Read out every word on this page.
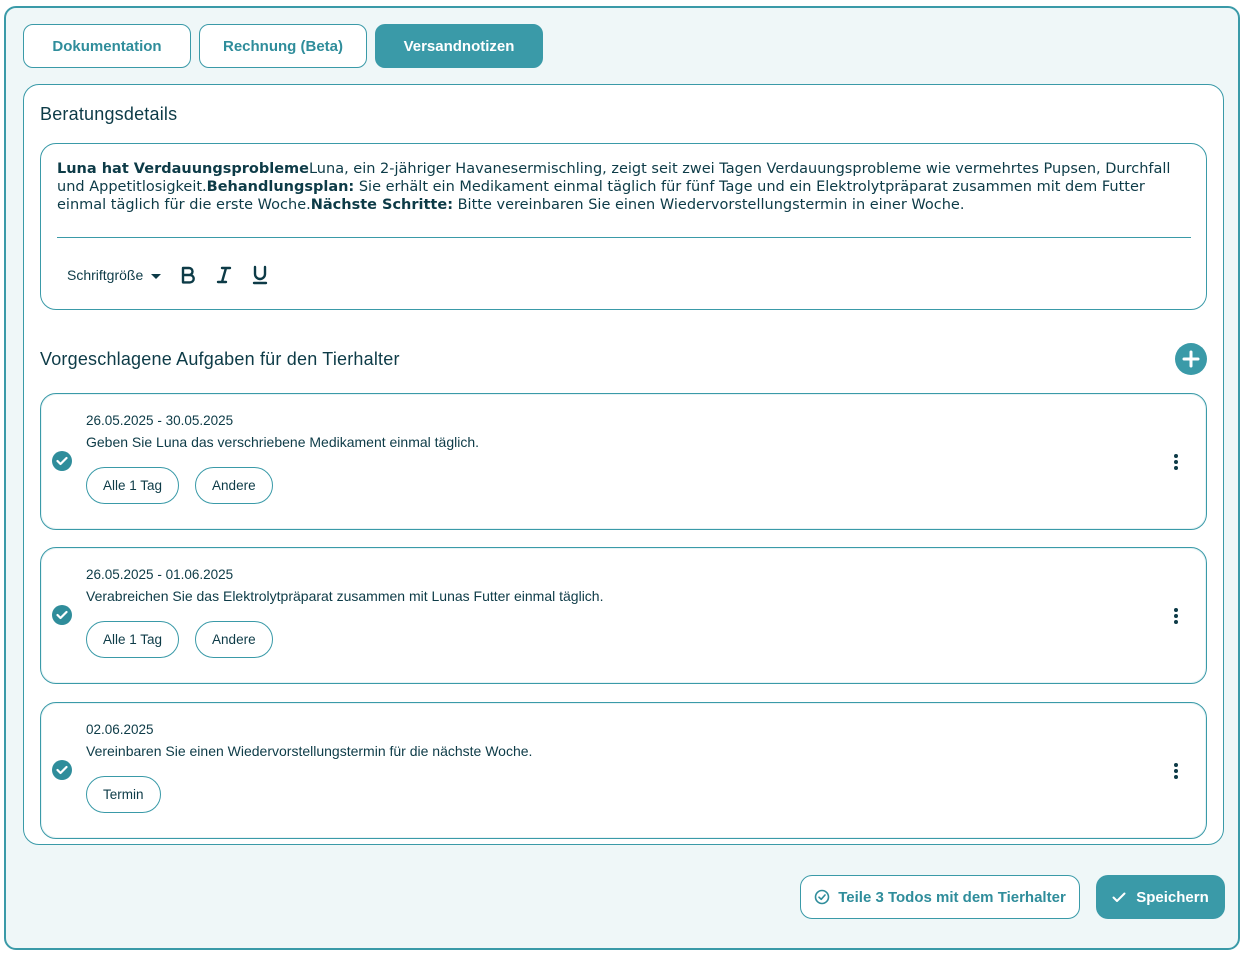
Dokumentation	Rechnung (Beta)	Versandnotizen
Beratungsdetails
Luna hat VerdauungsproblemeLuna, ein 2-jähriger Havanesermischling, zeigt seit zwei Tagen Verdauungsprobleme wie vermehrtes Pupsen, Durchfall und Appetitlosigkeit.Behandlungsplan: Sie erhält ein Medikament einmal täglich für fünf Tage und ein Elektrolytpräparat zusammen mit dem Futter einmal täglich für die erste Woche.Nächste Schritte: Bitte vereinbaren Sie einen Wiedervorstellungstermin in einer Woche.
Schriftgröße
Vorgeschlagene Aufgaben für den Tierhalter
26.05.2025 - 30.05.2025
Geben Sie Luna das verschriebene Medikament einmal täglich.
Alle 1 Tag	Andere
26.05.2025 - 01.06.2025
Verabreichen Sie das Elektrolytpräparat zusammen mit Lunas Futter einmal täglich.
Alle 1 Tag	Andere
02.06.2025
Vereinbaren Sie einen Wiedervorstellungstermin für die nächste Woche.
Termin
Teile 3 Todos mit dem Tierhalter	Speichern
